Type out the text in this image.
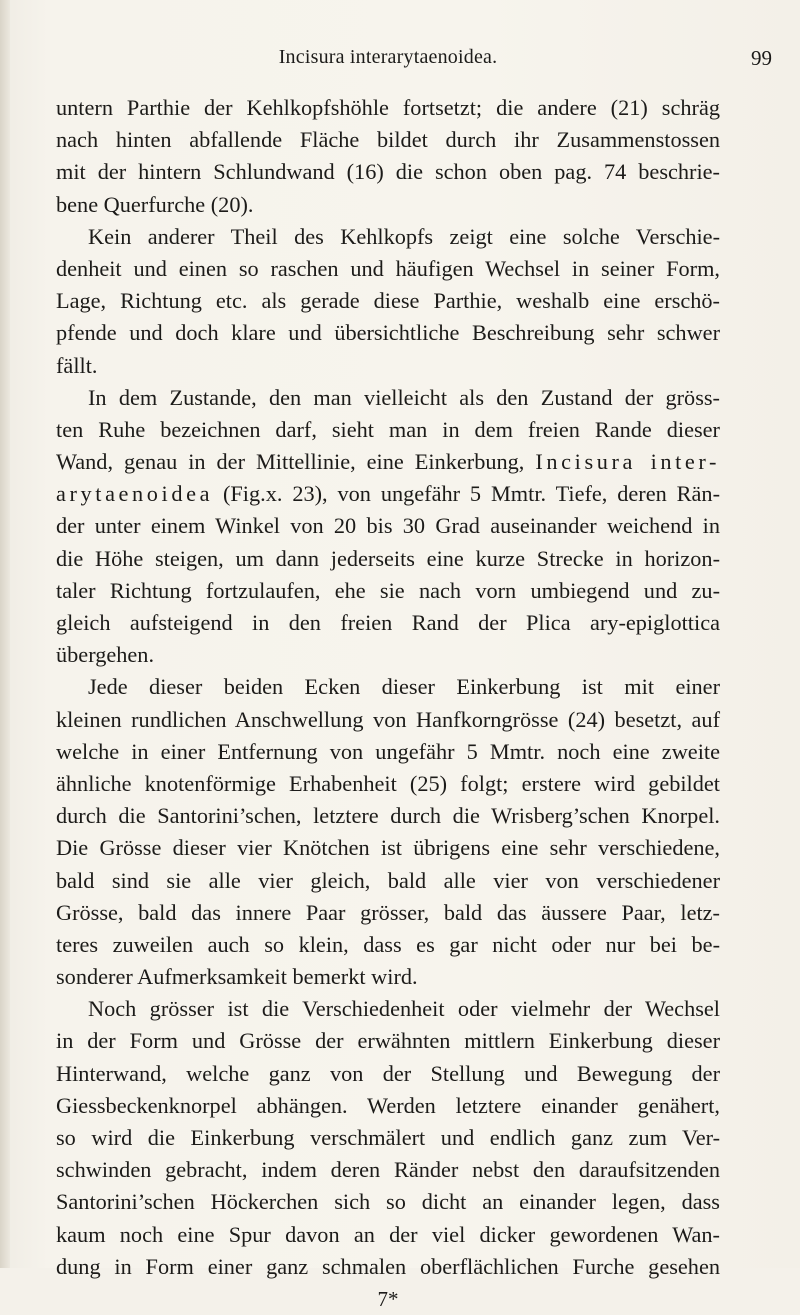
Incisura interarytaenoidea.	99
untern Parthie der Kehlkopfshöhle fortsetzt; die andere (21) schräg
nach hinten abfallende Fläche bildet durch ihr Zusammenstossen
mit der hintern Schlundwand (16) die schon oben pag. 74 beschrie-
bene Querfurche (20).
Kein anderer Theil des Kehlkopfs zeigt eine solche Verschie-
denheit und einen so raschen und häufigen Wechsel in seiner Form,
Lage, Richtung etc. als gerade diese Parthie, weshalb eine erschö-
pfende und doch klare und übersichtliche Beschreibung sehr schwer
fällt.
In dem Zustande, den man vielleicht als den Zustand der gröss-
ten Ruhe bezeichnen darf, sieht man in dem freien Rande dieser
Wand, genau in der Mittellinie, eine Einkerbung, Incisura inter-
arytaenoidea (Fig.x. 23), von ungefähr 5 Mmtr. Tiefe, deren Rän-
der unter einem Winkel von 20 bis 30 Grad auseinander weichend in
die Höhe steigen, um dann jederseits eine kurze Strecke in horizon-
taler Richtung fortzulaufen, ehe sie nach vorn umbiegend und zu-
gleich aufsteigend in den freien Rand der Plica ary-epiglottica
übergehen.
Jede dieser beiden Ecken dieser Einkerbung ist mit einer
kleinen rundlichen Anschwellung von Hanfkorngrösse (24) besetzt, auf
welche in einer Entfernung von ungefähr 5 Mmtr. noch eine zweite
ähnliche knotenförmige Erhabenheit (25) folgt; erstere wird gebildet
durch die Santorini’schen, letztere durch die Wrisberg’schen Knorpel.
Die Grösse dieser vier Knötchen ist übrigens eine sehr verschiedene,
bald sind sie alle vier gleich, bald alle vier von verschiedener
Grösse, bald das innere Paar grösser, bald das äussere Paar, letz-
teres zuweilen auch so klein, dass es gar nicht oder nur bei be-
sonderer Aufmerksamkeit bemerkt wird.
Noch grösser ist die Verschiedenheit oder vielmehr der Wechsel
in der Form und Grösse der erwähnten mittlern Einkerbung dieser
Hinterwand, welche ganz von der Stellung und Bewegung der
Giessbeckenknorpel abhängen. Werden letztere einander genähert,
so wird die Einkerbung verschmälert und endlich ganz zum Ver-
schwinden gebracht, indem deren Ränder nebst den daraufsitzenden
Santorini’schen Höckerchen sich so dicht an einander legen, dass
kaum noch eine Spur davon an der viel dicker gewordenen Wan-
dung in Form einer ganz schmalen oberflächlichen Furche gesehen
7*
